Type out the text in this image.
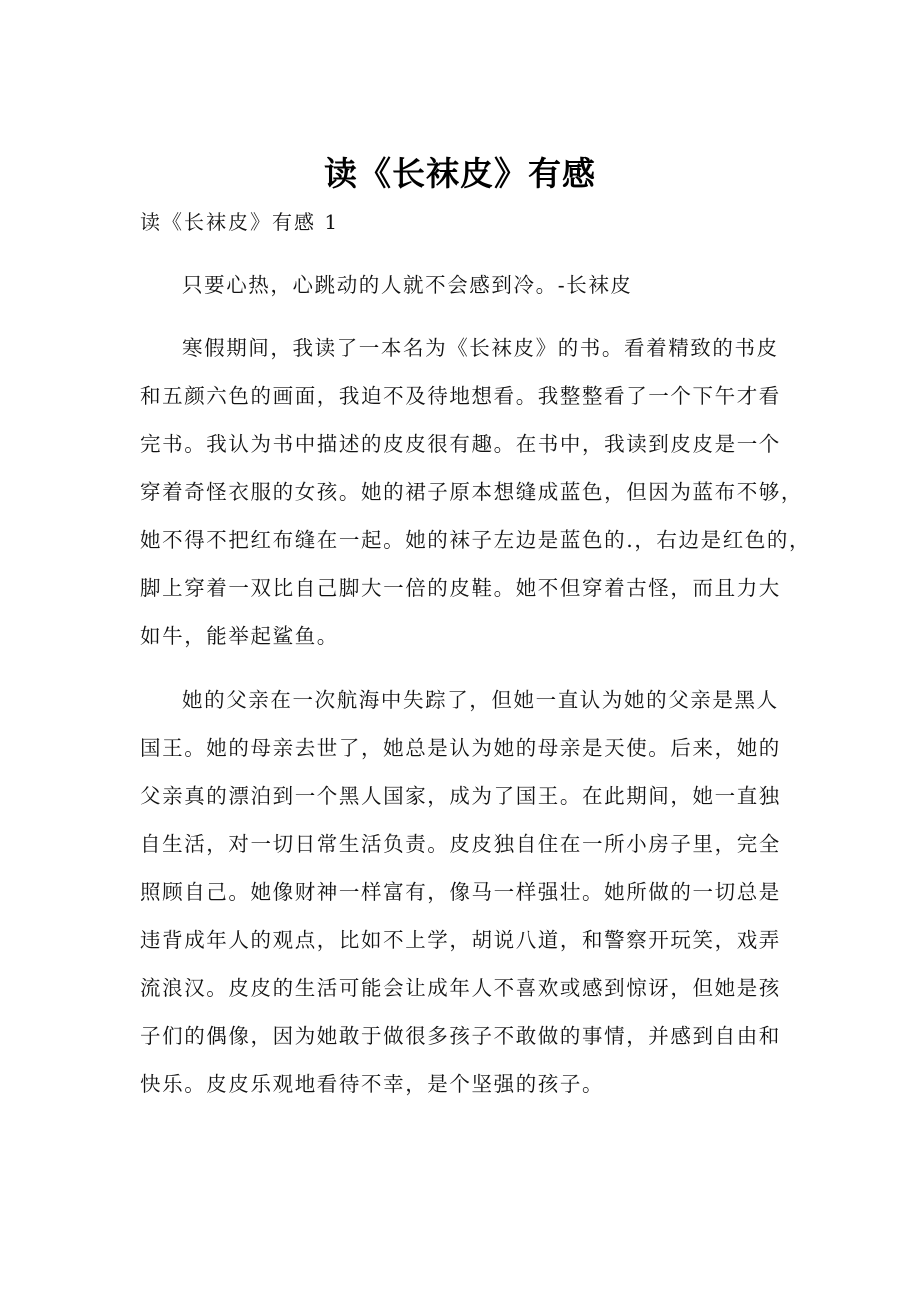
读《长袜皮》有感
读《长袜皮》有感 1
只要心热，心跳动的人就不会感到冷。-长袜皮
寒假期间，我读了一本名为《长袜皮》的书。看着精致的书皮
和五颜六色的画面，我迫不及待地想看。我整整看了一个下午才看
完书。我认为书中描述的皮皮很有趣。在书中，我读到皮皮是一个
穿着奇怪衣服的女孩。她的裙子原本想缝成蓝色，但因为蓝布不够，
她不得不把红布缝在一起。她的袜子左边是蓝色的.，右边是红色的，
脚上穿着一双比自己脚大一倍的皮鞋。她不但穿着古怪，而且力大
如牛，能举起鲨鱼。
她的父亲在一次航海中失踪了，但她一直认为她的父亲是黑人
国王。她的母亲去世了，她总是认为她的母亲是天使。后来，她的
父亲真的漂泊到一个黑人国家，成为了国王。在此期间，她一直独
自生活，对一切日常生活负责。皮皮独自住在一所小房子里，完全
照顾自己。她像财神一样富有，像马一样强壮。她所做的一切总是
违背成年人的观点，比如不上学，胡说八道，和警察开玩笑，戏弄
流浪汉。皮皮的生活可能会让成年人不喜欢或感到惊讶，但她是孩
子们的偶像，因为她敢于做很多孩子不敢做的事情，并感到自由和
快乐。皮皮乐观地看待不幸，是个坚强的孩子。
